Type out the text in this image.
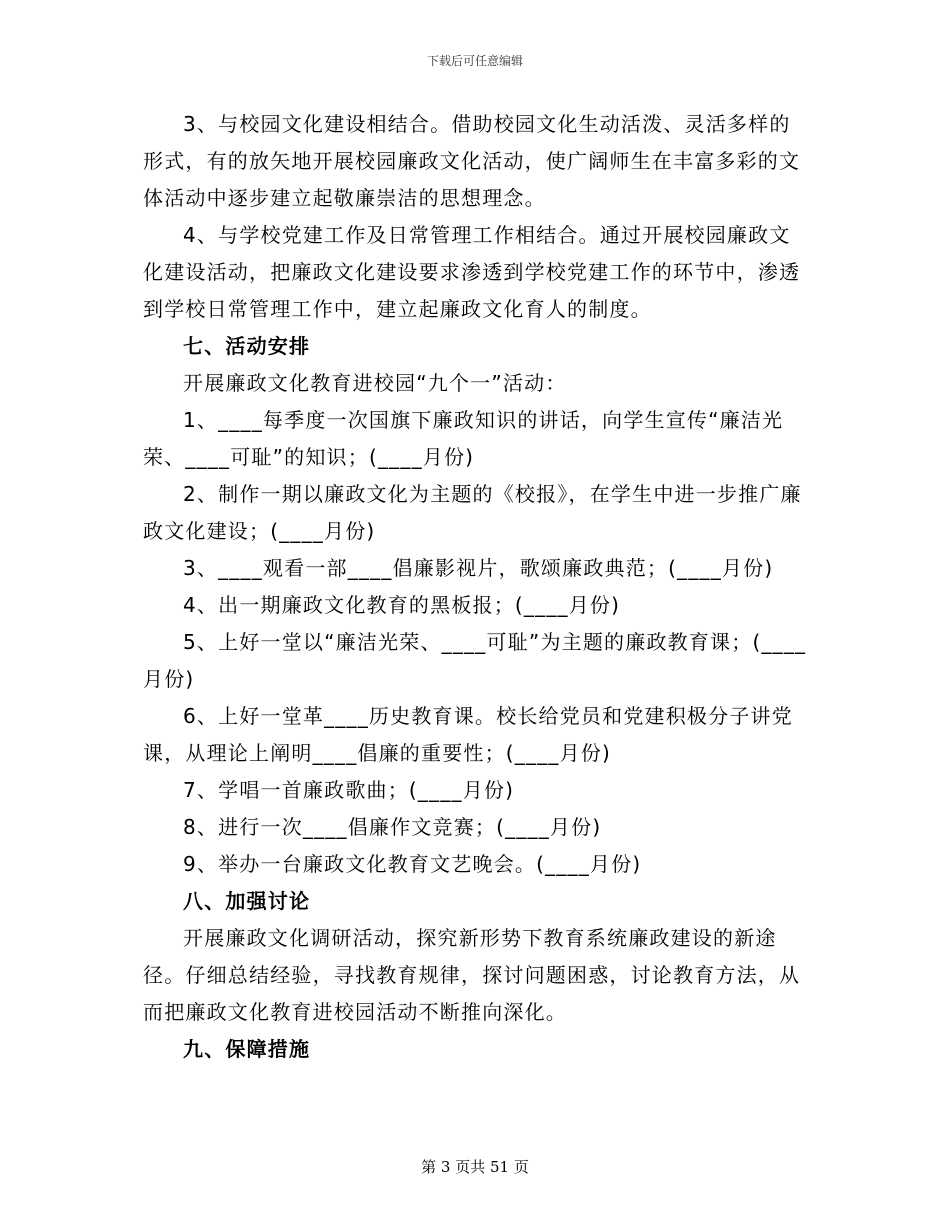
下载后可任意编辑

3、与校园文化建设相结合。借助校园文化生动活泼、灵活多样的形式，有的放矢地开展校园廉政文化活动，使广阔师生在丰富多彩的文体活动中逐步建立起敬廉崇洁的思想理念。

4、与学校党建工作及日常管理工作相结合。通过开展校园廉政文化建设活动，把廉政文化建设要求渗透到学校党建工作的环节中，渗透到学校日常管理工作中，建立起廉政文化育人的制度。

七、活动安排

开展廉政文化教育进校园“九个一”活动：

1、____每季度一次国旗下廉政知识的讲话，向学生宣传“廉洁光荣、____可耻”的知识；(____月份)

2、制作一期以廉政文化为主题的《校报》，在学生中进一步推广廉政文化建设；(____月份)

3、____观看一部____倡廉影视片，歌颂廉政典范；(____月份)

4、出一期廉政文化教育的黑板报；(____月份)

5、上好一堂以“廉洁光荣、____可耻”为主题的廉政教育课；(____月份)

6、上好一堂革____历史教育课。校长给党员和党建积极分子讲党课，从理论上阐明____倡廉的重要性；(____月份)

7、学唱一首廉政歌曲；(____月份)

8、进行一次____倡廉作文竞赛；(____月份)

9、举办一台廉政文化教育文艺晚会。(____月份)

八、加强讨论

开展廉政文化调研活动，探究新形势下教育系统廉政建设的新途径。仔细总结经验，寻找教育规律，探讨问题困惑，讨论教育方法，从而把廉政文化教育进校园活动不断推向深化。

九、保障措施

第 3 页共 51 页
